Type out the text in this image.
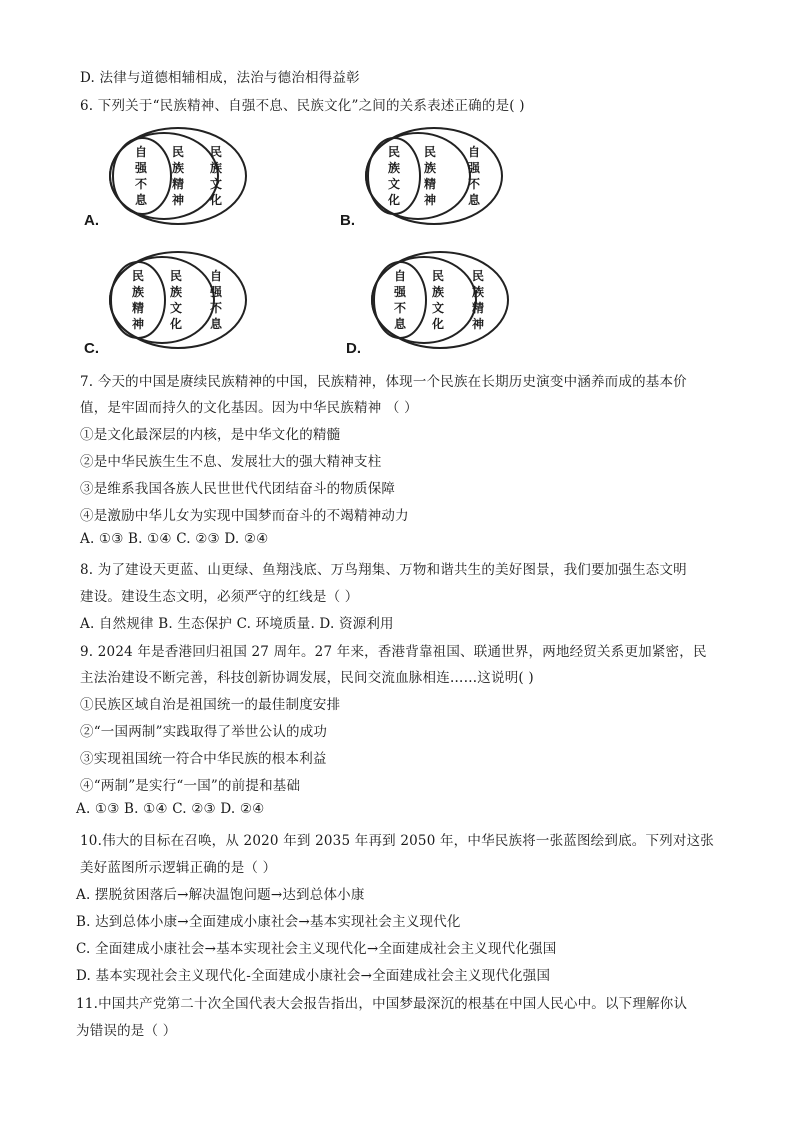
D. 法律与道德相辅相成，法治与德治相得益彰
6. 下列关于“民族精神、自强不息、民族文化”之间的关系表述正确的是( )
自
强
不
息
民
族
精
神
民
族
文
化
A.
民
族
文
化
民
族
精
神
自
强
不
息
B.
民
族
精
神
民
族
文
化
自
强
不
息
C.
自
强
不
息
民
族
文
化
民
族
精
神
D.
7. 今天的中国是赓续民族精神的中国，民族精神，体现一个民族在长期历史演变中涵养而成的基本价
值，是牢固而持久的文化基因。因为中华民族精神 （ ）
①是文化最深层的内核，是中华文化的精髓
②是中华民族生生不息、发展壮大的强大精神支柱
③是维系我国各族人民世世代代团结奋斗的物质保障
④是激励中华儿女为实现中国梦而奋斗的不竭精神动力
A. ①③ B. ①④ C. ②③ D. ②④
8. 为了建设天更蓝、山更绿、鱼翔浅底、万鸟翔集、万物和谐共生的美好图景，我们要加强生态文明
建设。建设生态文明，必须严守的红线是（ ）
A. 自然规律 B. 生态保护 C. 环境质量. D. 资源利用
9. 2024 年是香港回归祖国 27 周年。27 年来，香港背靠祖国、联通世界，两地经贸关系更加紧密，民
主法治建设不断完善，科技创新协调发展，民间交流血脉相连……这说明( )
①民族区域自治是祖国统一的最佳制度安排
②“一国两制”实践取得了举世公认的成功
③实现祖国统一符合中华民族的根本利益
④“两制”是实行“一国”的前提和基础
A. ①③ B. ①④ C. ②③ D. ②④
10.伟大的目标在召唤，从 2020 年到 2035 年再到 2050 年，中华民族将一张蓝图绘到底。下列对这张
美好蓝图所示逻辑正确的是（ ）
A. 摆脱贫困落后→解决温饱问题→达到总体小康
B. 达到总体小康→全面建成小康社会→基本实现社会主义现代化
C. 全面建成小康社会→基本实现社会主义现代化→全面建成社会主义现代化强国
D. 基本实现社会主义现代化-全面建成小康社会→全面建成社会主义现代化强国
11.中国共产党第二十次全国代表大会报告指出，中国梦最深沉的根基在中国人民心中。以下理解你认
为错误的是（ ）
